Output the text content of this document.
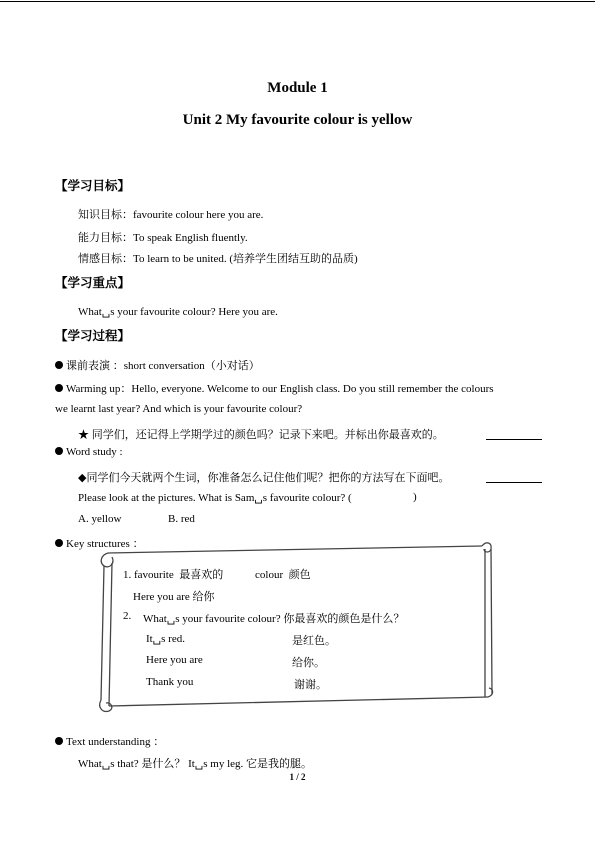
Module 1
Unit 2 My favourite colour is yellow
【学习目标】
知识目标：favourite colour here you are.
能力目标：To speak English fluently.
情感目标：To learn to be united. (培养学生团结互助的品质)
【学习重点】
What␣s your favourite colour? Here you are.
【学习过程】
课前表演 ：short conversation（小对话）
Warming up：Hello, everyone. Welcome to our English class. Do you still remember the colours
we learnt last year? And which is your favourite colour?
★ 同学们，还记得上学期学过的颜色吗？记录下来吧。并标出你最喜欢的。
Word study :
◆同学们今天就两个生词，你准备怎么记住他们呢？把你的方法写在下面吧。
Please look at the pictures. What is Sam␣s favourite colour? (	)
A. yellow	B. red
Key structures ：
1. favourite 最喜欢的	colour 颜色
Here you are 给你
2. What␣s your favourite colour? 你最喜欢的颜色是什么？
It␣s red.	是红色。
Here you are	给你。
Thank you	谢谢。
Text understanding ：
What␣s that? 是什么？ It␣s my leg. 它是我的腿。
1 / 2
